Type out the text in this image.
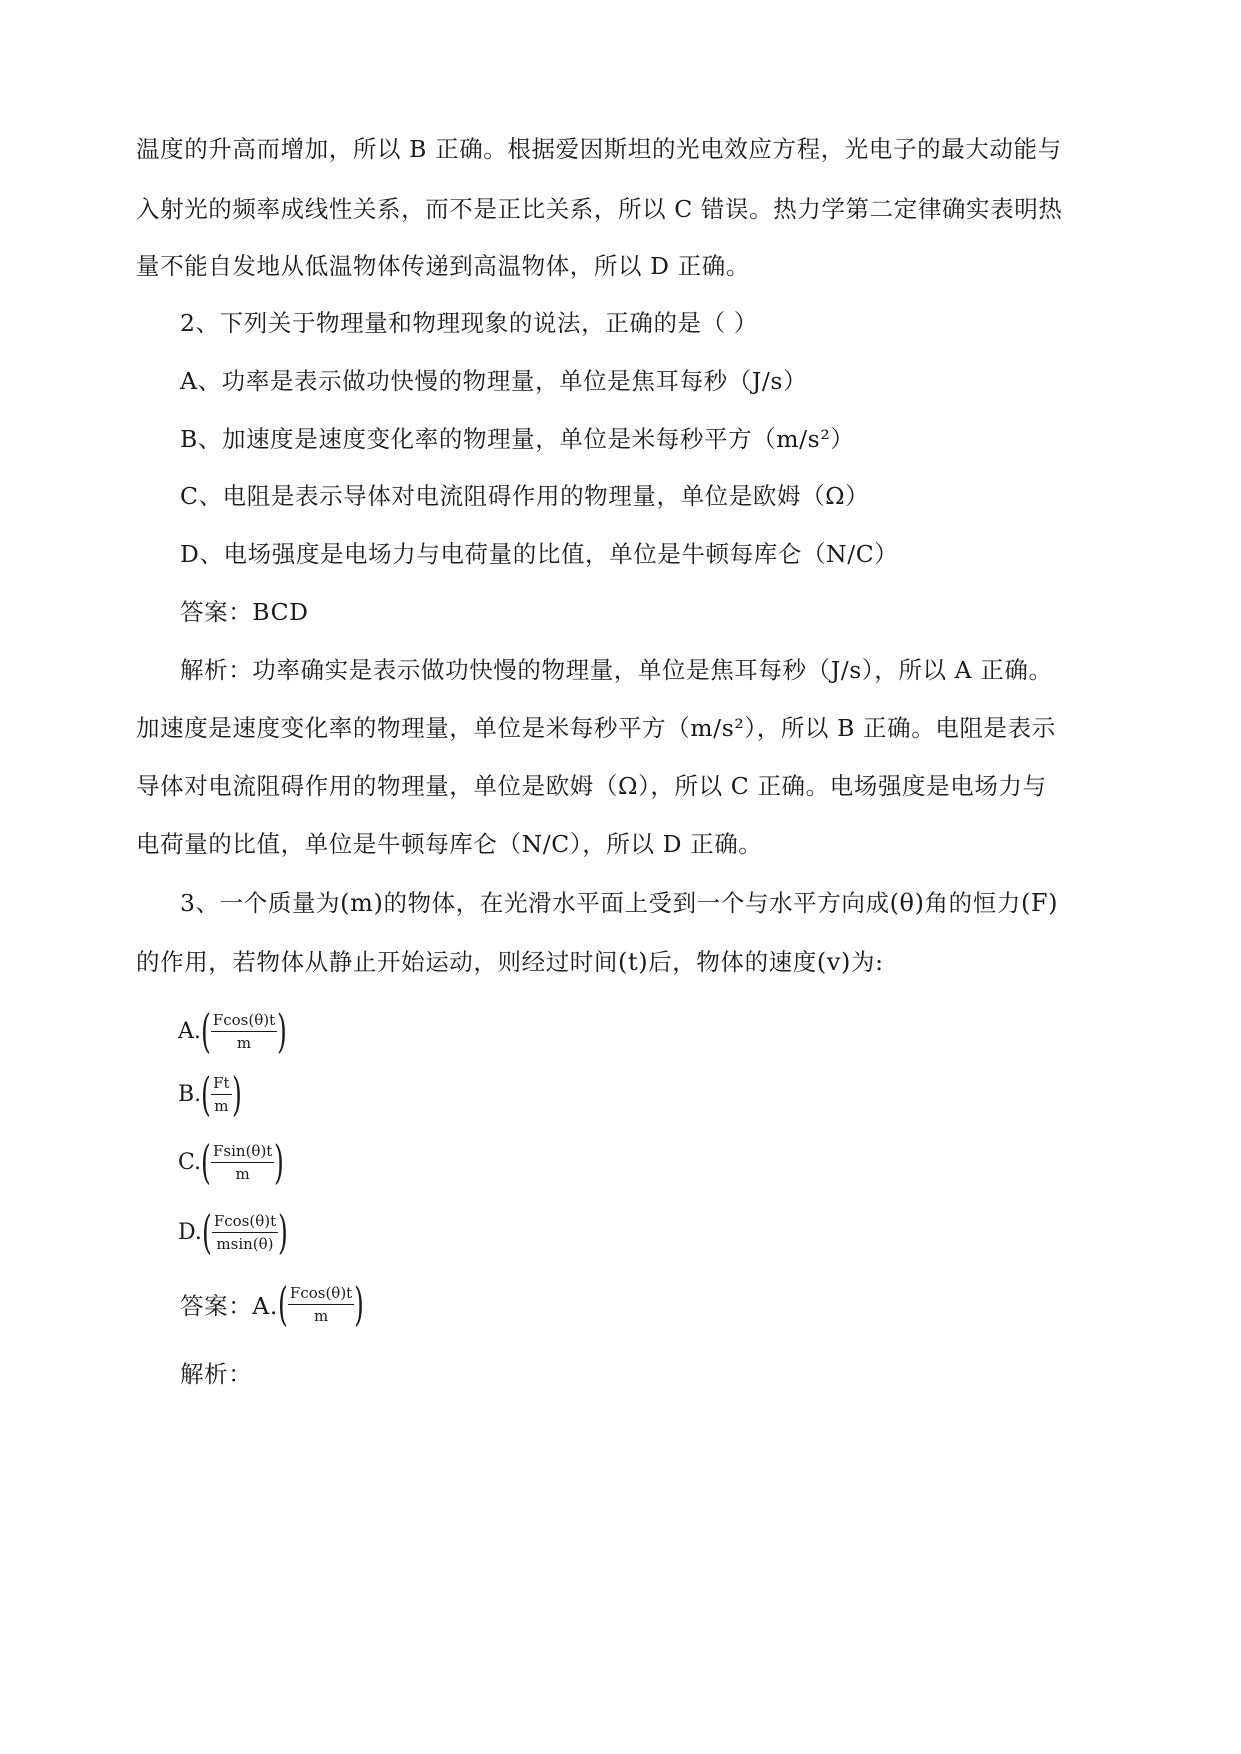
温度的升高而增加，所以 B 正确。根据爱因斯坦的光电效应方程，光电子的最大动能与
入射光的频率成线性关系，而不是正比关系，所以 C 错误。热力学第二定律确实表明热
量不能自发地从低温物体传递到高温物体，所以 D 正确。
2、下列关于物理量和物理现象的说法，正确的是（ ）
A、功率是表示做功快慢的物理量，单位是焦耳每秒（J/s）
B、加速度是速度变化率的物理量，单位是米每秒平方（m/s²）
C、电阻是表示导体对电流阻碍作用的物理量，单位是欧姆（Ω）
D、电场强度是电场力与电荷量的比值，单位是牛顿每库仑（N/C）
答案：BCD
解析：功率确实是表示做功快慢的物理量，单位是焦耳每秒（J/s），所以 A 正确。
加速度是速度变化率的物理量，单位是米每秒平方（m/s²），所以 B 正确。电阻是表示
导体对电流阻碍作用的物理量，单位是欧姆（Ω），所以 C 正确。电场强度是电场力与
电荷量的比值，单位是牛顿每库仑（N/C），所以 D 正确。
3、一个质量为(m)的物体，在光滑水平面上受到一个与水平方向成(θ)角的恒力(F)
的作用，若物体从静止开始运动，则经过时间(t)后，物体的速度(v)为:
A. (
$\frac{Fcos(\theta)t}{m}$
)
B. (
$\frac{Ft}{m}$
)
C. (
$\frac{Fsin(\theta)t}{m}$
)
D. (
$\frac{Fcos(\theta)t}{msin(\theta)}$
)
答案：A. (
$\frac{Fcos(\theta)t}{m}$
)
解析：
